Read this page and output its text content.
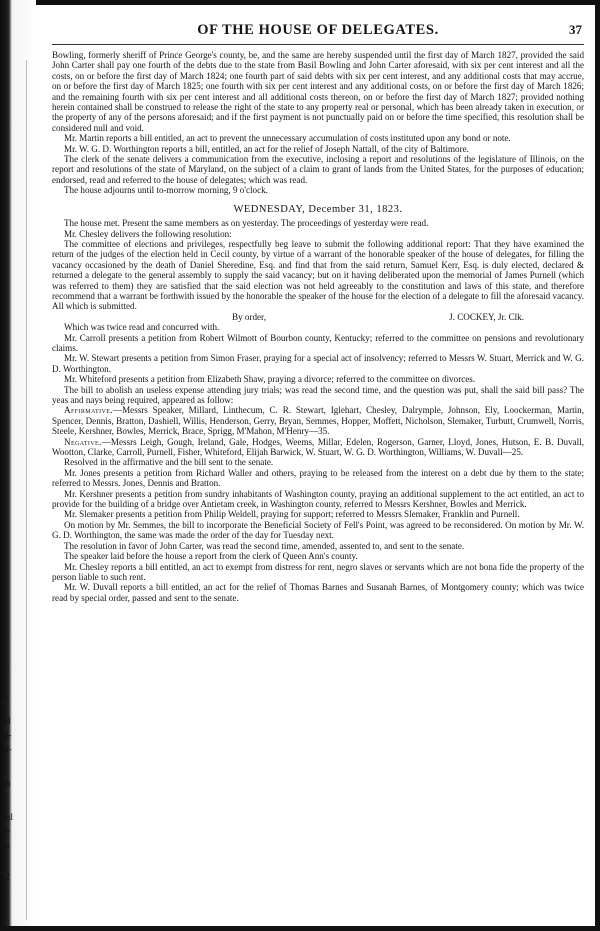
d
y-
n,
ed
al-
er-
's
ch
nal
ee
as
s2
OF THE HOUSE OF DELEGATES.	37

Bowling, formerly sheriff of Prince George's county, be, and the same are hereby suspended until the first day of March 1827, provided the said John Carter shall pay one fourth of the debts due to the state from Basil Bowling and John Carter aforesaid, with six per cent interest and all the costs, on or before the first day of March 1824; one fourth part of said debts with six per cent interest, and any additional costs that may accrue, on or before the first day of March 1825; one fourth with six per cent interest and any additional costs, on or before the first day of March 1826; and the remaining fourth with six per cent interest and all additional costs thereon, on or before the first day of March 1827; provided nothing herein contained shall be construed to release the right of the state to any property real or personal, which has been already taken in execution, or the property of any of the persons aforesaid; and if the first payment is not punctually paid on or before the time specified, this resolution shall be considered null and void.

Mr. Martin reports a bill entitled, an act to prevent the unnecessary accumulation of costs instituted upon any bond or note.

Mr. W. G. D. Worthington reports a bill, entitled, an act for the relief of Joseph Nattall, of the city of Baltimore.

The clerk of the senate delivers a communication from the executive, inclosing a report and resolutions of the legislature of Illinois, on the report and resolutions of the state of Maryland, on the subject of a claim to grant of lands from the United States, for the purposes of education; endorsed, read and referred to the house of delegates; which was read.

The house adjourns until to-morrow morning, 9 o'clock.

WEDNESDAY, December 31, 1823.

The house met. Present the same members as on yesterday. The proceedings of yesterday were read.

Mr. Chesley delivers the following resolution:

The committee of elections and privileges, respectfully beg leave to submit the following additional report: That they have examined the return of the judges of the election held in Cecil county, by virtue of a warrant of the honorable speaker of the house of delegates, for filling the vacancy occasioned by the death of Daniel Sheredine, Esq. and find that from the said return, Samuel Kerr, Esq. is duly elected, declared & returned a delegate to the general assembly to supply the said vacancy; but on it having deliberated upon the memorial of James Purnell (which was referred to them) they are satisfied that the said election was not held agreeably to the constitution and laws of this state, and therefore recommend that a warrant be forthwith issued by the honorable the speaker of the house for the election of a delegate to fill the aforesaid vacancy. All which is submitted.

By order,	J. COCKEY, Jr. Clk.

Which was twice read and concurred with.

Mr. Carroll presents a petition from Robert Wilmott of Bourbon county, Kentucky; referred to the committee on pensions and revolutionary claims.

Mr. W. Stewart presents a petition from Simon Fraser, praying for a special act of insolvency; referred to Messrs W. Stuart, Merrick and W. G. D. Worthington.

Mr. Whiteford presents a petition from Elizabeth Shaw, praying a divorce; referred to the committee on divorces.

The bill to abolish an useless expense attending jury trials; was read the second time, and the question was put, shall the said bill pass? The yeas and nays being required, appeared as follow:

Affirmative.—Messrs Speaker, Millard, Linthecum, C. R. Stewart, Iglehart, Chesley, Dalrymple, Johnson, Ely, Loockerman, Martin, Spencer, Dennis, Bratton, Dashiell, Willis, Henderson, Gerry, Bryan, Semmes, Hopper, Moffett, Nicholson, Slemaker, Turbutt, Crumwell, Norris, Steele, Kershner, Bowles, Merrick, Brace, Sprigg, M'Mahon, M'Henry—35.

Negative.—Messrs Leigh, Gough, Ireland, Gale, Hodges, Weems, Millar, Edelen, Rogerson, Garner, Lloyd, Jones, Hutson, E. B. Duvall, Wootton, Clarke, Carroll, Purnell, Fisher, Whiteford, Elijah Barwick, W. Stuart, W. G. D. Worthington, Williams, W. Duvall—25.

Resolved in the affirmative and the bill sent to the senate.

Mr. Jones presents a petition from Richard Waller and others, praying to be released from the interest on a debt due by them to the state; referred to Messrs. Jones, Dennis and Bratton.

Mr. Kershner presents a petition from sundry inhabitants of Washington county, praying an additional supplement to the act entitled, an act to provide for the building of a bridge over Antietam creek, in Washington county, referred to Messrs Kershner, Bowles and Merrick.

Mr. Slemaker presents a petition from Philip Weldell, praying for support; referred to Messrs Slemaker, Franklin and Purnell.

On motion by Mr. Semmes, the bill to incorporate the Beneficial Society of Fell's Point, was agreed to be reconsidered. On motion by Mr. W. G. D. Worthington, the same was made the order of the day for Tuesday next.

The resolution in favor of John Carter, was read the second time, amended, assented to, and sent to the senate.

The speaker laid before the house a report from the clerk of Queen Ann's county.

Mr. Chesley reports a bill entitled, an act to exempt from distress for rent, negro slaves or servants which are not bona fide the property of the person liable to such rent.

Mr. W. Duvall reports a bill entitled, an act for the relief of Thomas Barnes and Susanah Barnes, of Montgomery county; which was twice read by special order, passed and sent to the senate.
